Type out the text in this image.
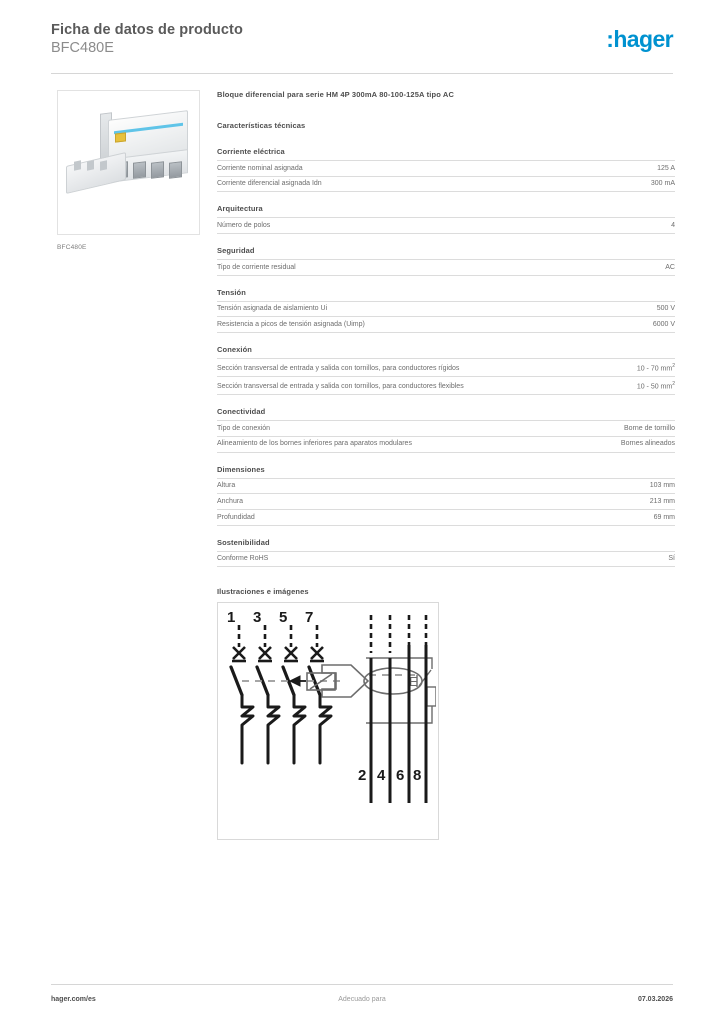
Ficha de datos de producto

BFC480E	:hager
BFC480E

Bloque diferencial para serie HM 4P 300mA 80-100-125A tipo AC

Características técnicas

Corriente eléctrica

Corriente nominal asignada	125 A
Corriente diferencial asignada Idn	300 mA

Arquitectura

Número de polos	4

Seguridad

Tipo de corriente residual	AC

Tensión

Tensión asignada de aislamiento Ui	500 V
Resistencia a picos de tensión asignada (Uimp)	6000 V

Conexión

Sección transversal de entrada y salida con tornillos, para conductores rígidos	10 - 70 $mm^2$
Sección transversal de entrada y salida con tornillos, para conductores flexibles	10 - 50 $mm^2$

Conectividad

Tipo de conexión	Borne de tornillo
Alineamiento de los bornes inferiores para aparatos modulares	Bornes alineados

Dimensiones

Altura	103 mm
Anchura	213 mm
Profundidad	69 mm

Sostenibilidad

Conforme RoHS	Sí

Ilustraciones e imágenes

1 3 5 7
E
2 4 6 8
hager.com/es	Adecuado para	07.03.2026
